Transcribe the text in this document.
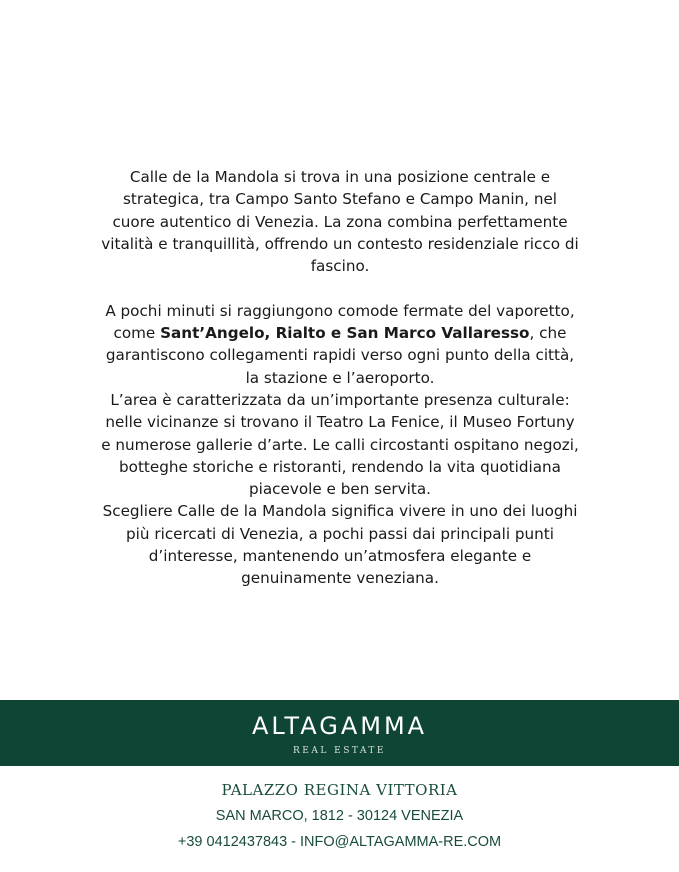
Calle de la Mandola si trova in una posizione centrale e strategica, tra Campo Santo Stefano e Campo Manin, nel cuore autentico di Venezia. La zona combina perfettamente vitalità e tranquillità, offrendo un contesto residenziale ricco di fascino.

A pochi minuti si raggiungono comode fermate del vaporetto, come Sant’Angelo, Rialto e San Marco Vallaresso, che garantiscono collegamenti rapidi verso ogni punto della città, la stazione e l’aeroporto.

L’area è caratterizzata da un’importante presenza culturale: nelle vicinanze si trovano il Teatro La Fenice, il Museo Fortuny e numerose gallerie d’arte. Le calli circostanti ospitano negozi, botteghe storiche e ristoranti, rendendo la vita quotidiana piacevole e ben servita.

Scegliere Calle de la Mandola significa vivere in uno dei luoghi più ricercati di Venezia, a pochi passi dai principali punti d’interesse, mantenendo un’atmosfera elegante e genuinamente veneziana.

ALTAGAMMA
REAL ESTATE
PALAZZO REGINA VITTORIA
SAN MARCO, 1812 - 30124 VENEZIA
+39 0412437843 - INFO@ALTAGAMMA-RE.COM
